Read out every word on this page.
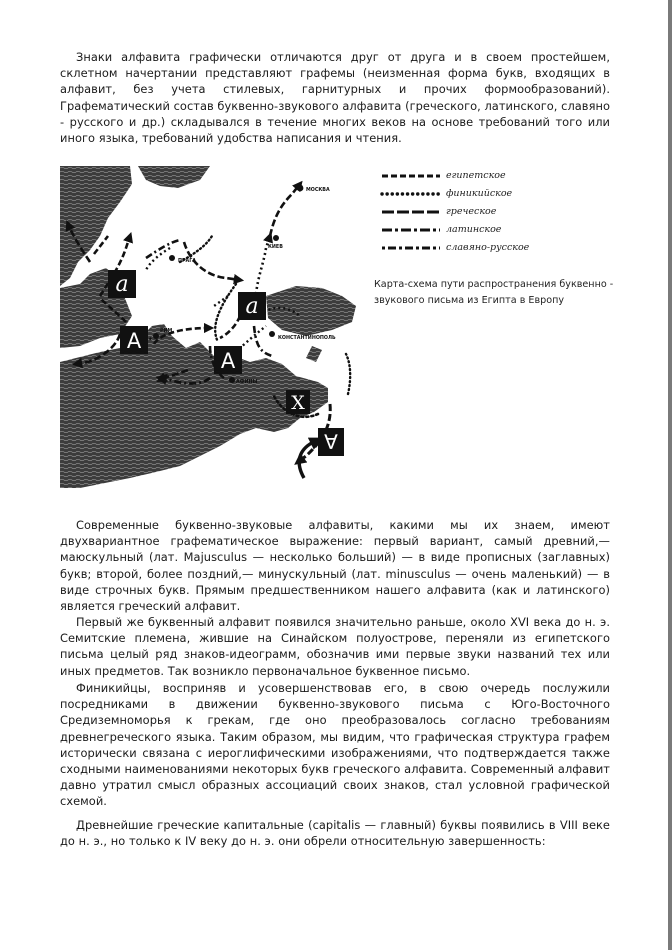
Знаки алфавита графически отличаются друг от друга и в своем простейшем, склетном начертании представляют графемы (неизменная форма букв, входящих в алфавит, без учета стилевых, гарнитурных и прочих формообразований). Графематический состав буквенно-звукового алфавита (греческого, латинского, славяно - русского и др.) складывался в течение многих веков на основе требований того или иного языка, требований удобства написания и чтения.

МОСКВА
КИЕВ
ПРАГА
КОНСТАНТИНОПОЛЬ
РИМ
АФИНЫ
a
A
A
a
X
∀
египетское
финикийское
греческое
латинское
славяно-русское
Карта-схема пути распространения буквенно - звукового письма из Египта в Европу

Современные буквенно-звуковые алфавиты, какими мы их знаем, имеют двухвариантное графематическое выражение: первый вариант, самый древний,— маюскульный (лат. Majusculus — несколько больший) — в виде прописных (заглавных) букв; второй, более поздний,— минускульный (лат. minusculus — очень маленький) — в виде строчных букв. Прямым предшественником нашего алфавита (как и латинского) является греческий алфавит.

Первый же буквенный алфавит появился значительно раньше, около XVI века до н. э. Семитские племена, жившие на Синайском полуострове, переняли из египетского письма целый ряд знаков-идеограмм, обозначив ими первые звуки названий тех или иных предметов. Так возникло первоначальное буквенное письмо.

Финикийцы, восприняв и усовершенствовав его, в свою очередь послужили посредниками в движении буквенно-звукового письма с Юго-Восточного Средиземноморья к грекам, где оно преобразовалось согласно требованиям древнегреческого языка. Таким образом, мы видим, что графическая структура графем исторически связана с иероглифическими изображениями, что подтверждается также сходными наименованиями некоторых букв греческого алфавита. Современный алфавит давно утратил смысл образных ассоциаций своих знаков, стал условной графической схемой.

Древнейшие греческие капитальные (capitalis — главный) буквы появились в VIII веке до н. э., но только к IV веку до н. э. они обрели относительную завершенность:
